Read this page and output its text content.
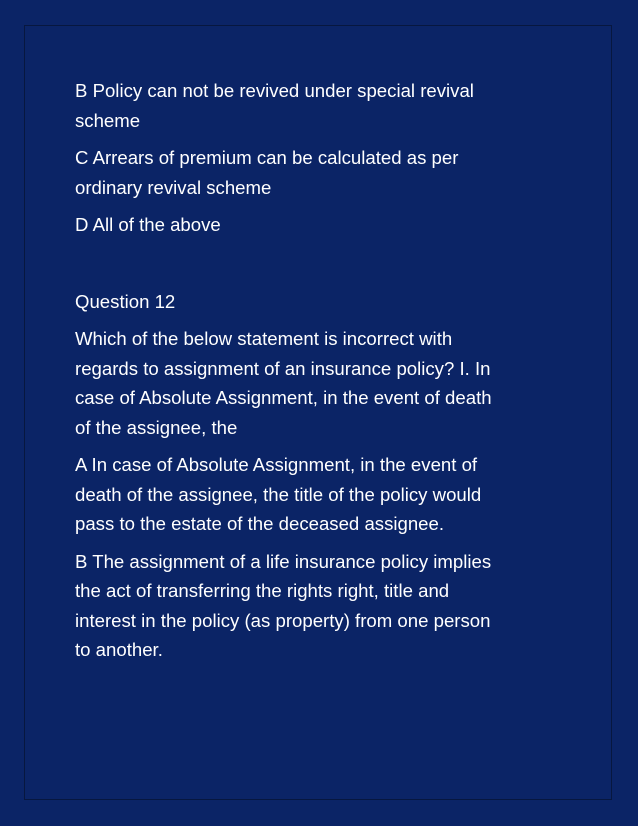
B Policy can not be revived under special revival
scheme

C Arrears of premium can be calculated as per
ordinary revival scheme

D All of the above

Question 12

Which of the below statement is incorrect with
regards to assignment of an insurance policy? I. In
case of Absolute Assignment, in the event of death
of the assignee, the

A In case of Absolute Assignment, in the event of
death of the assignee, the title of the policy would
pass to the estate of the deceased assignee.

B The assignment of a life insurance policy implies
the act of transferring the rights right, title and
interest in the policy (as property) from one person
to another.
